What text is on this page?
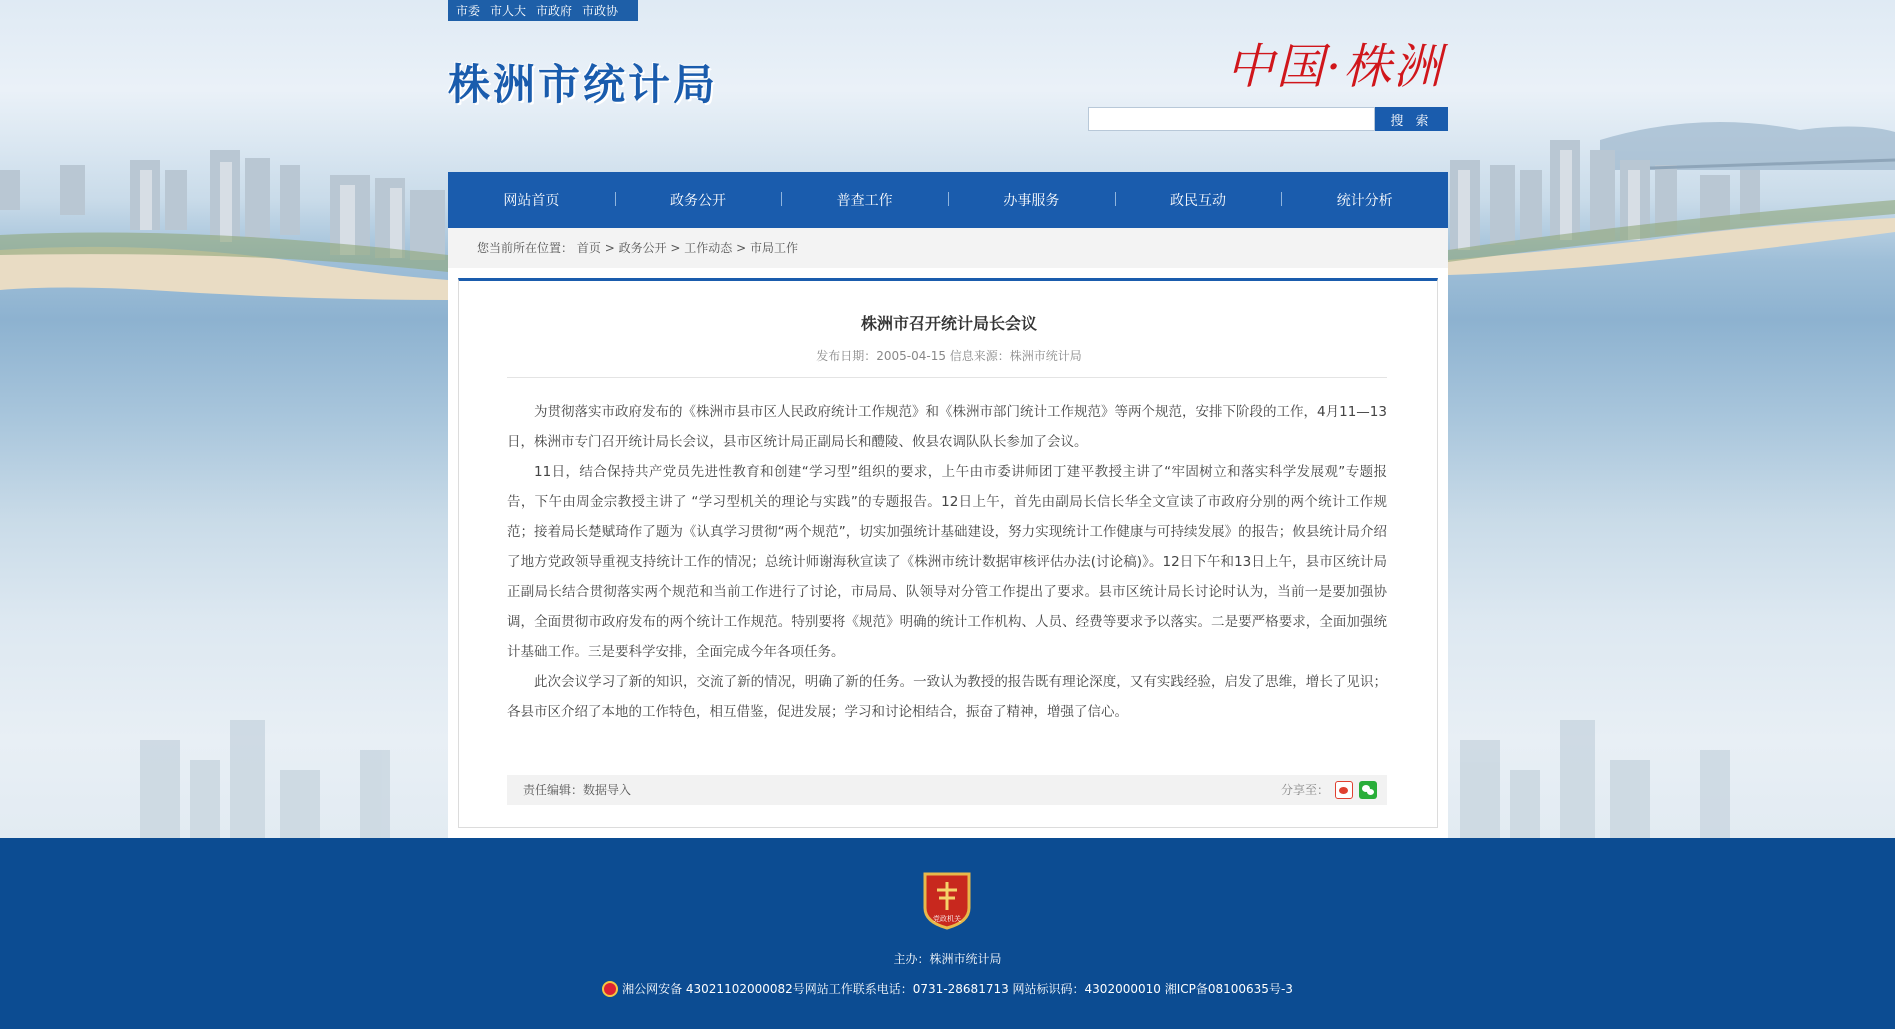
市委 市人大 市政府 市政协
株洲市统计局	中国·株洲
搜 索
网站首页	政务公开	普查工作	办事服务	政民互动	统计分析
您当前所在位置： 首页 > 政务公开 > 工作动态 > 市局工作
株洲市召开统计局长会议
发布日期：2005-04-15 信息来源：株洲市统计局

为贯彻落实市政府发布的《株洲市县市区人民政府统计工作规范》和《株洲市部门统计工作规范》等两个规范，安排下阶段的工作，4月11—13日，株洲市专门召开统计局长会议，县市区统计局正副局长和醴陵、攸县农调队队长参加了会议。

11日，结合保持共产党员先进性教育和创建“学习型”组织的要求，上午由市委讲师团丁建平教授主讲了“牢固树立和落实科学发展观”专题报告，下午由周金宗教授主讲了 “学习型机关的理论与实践”的专题报告。12日上午，首先由副局长信长华全文宣读了市政府分别的两个统计工作规范；接着局长楚赋琦作了题为《认真学习贯彻“两个规范”，切实加强统计基础建设，努力实现统计工作健康与可持续发展》的报告；攸县统计局介绍了地方党政领导重视支持统计工作的情况；总统计师谢海秋宣读了《株洲市统计数据审核评估办法(讨论稿)》。12日下午和13日上午，县市区统计局正副局长结合贯彻落实两个规范和当前工作进行了讨论，市局局、队领导对分管工作提出了要求。县市区统计局长讨论时认为，当前一是要加强协调，全面贯彻市政府发布的两个统计工作规范。特别要将《规范》明确的统计工作机构、人员、经费等要求予以落实。二是要严格要求，全面加强统计基础工作。三是要科学安排，全面完成今年各项任务。

此次会议学习了新的知识，交流了新的情况，明确了新的任务。一致认为教授的报告既有理论深度，又有实践经验，启发了思维，增长了见识；各县市区介绍了本地的工作特色，相互借鉴，促进发展；学习和讨论相结合，振奋了精神，增强了信心。

责任编辑：数据导入	分享至：
党政机关
主办：株洲市统计局
湘公网安备 43021102000082号网站工作联系电话：0731-28681713 网站标识码：4302000010 湘ICP备08100635号-3
